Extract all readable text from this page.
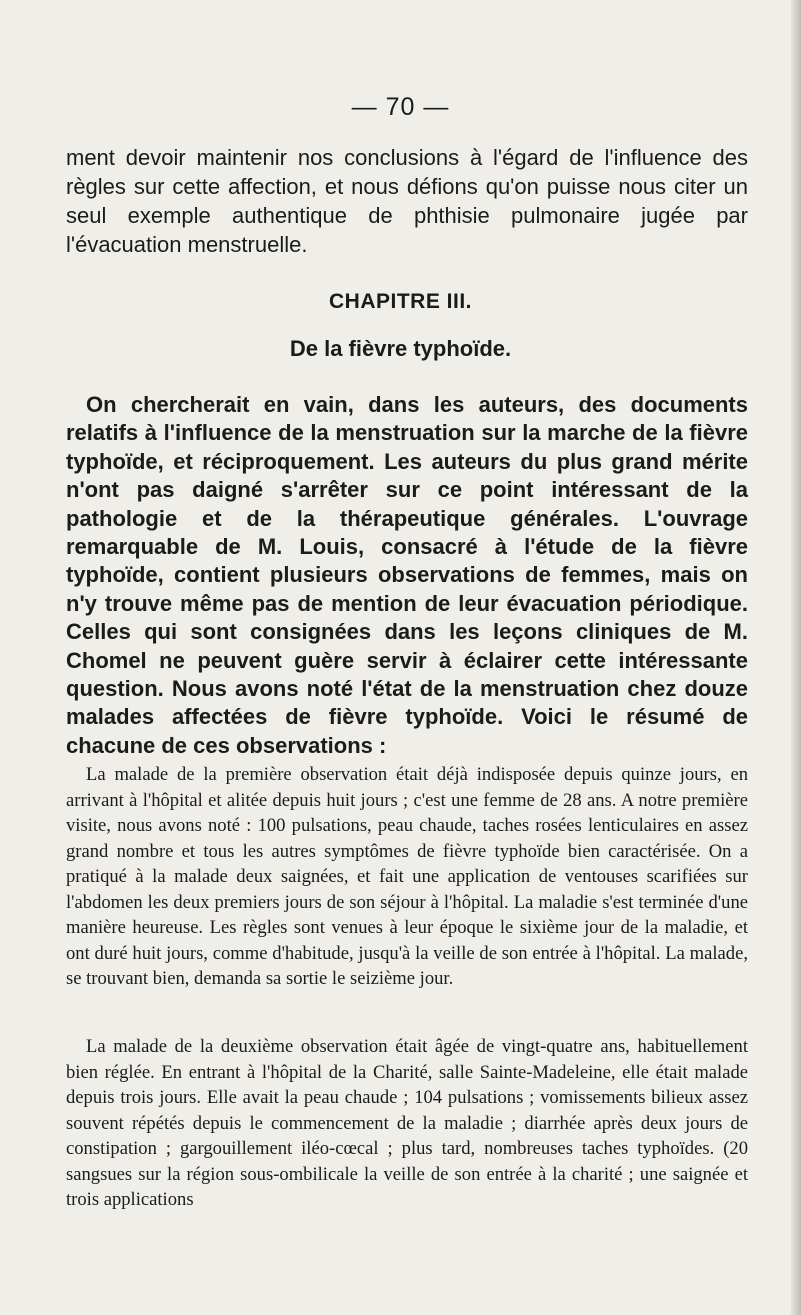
— 70 —

ment devoir maintenir nos conclusions à l'égard de l'influence des règles sur cette affection, et nous défions qu'on puisse nous citer un seul exemple authentique de phthisie pulmonaire jugée par l'évacuation menstruelle.

CHAPITRE III.
De la fièvre typhoïde.

On chercherait en vain, dans les auteurs, des documents relatifs à l'influence de la menstruation sur la marche de la fièvre typhoïde, et réciproquement. Les auteurs du plus grand mérite n'ont pas daigné s'arrêter sur ce point intéressant de la pathologie et de la thérapeutique générales. L'ouvrage remarquable de M. Louis, consacré à l'étude de la fièvre typhoïde, contient plusieurs observations de femmes, mais on n'y trouve même pas de mention de leur évacuation périodique. Celles qui sont consignées dans les leçons cliniques de M. Chomel ne peuvent guère servir à éclairer cette intéressante question. Nous avons noté l'état de la menstruation chez douze malades affectées de fièvre typhoïde. Voici le résumé de chacune de ces observations :

La malade de la première observation était déjà indisposée depuis quinze jours, en arrivant à l'hôpital et alitée depuis huit jours ; c'est une femme de 28 ans. A notre première visite, nous avons noté : 100 pulsations, peau chaude, taches rosées lenticulaires en assez grand nombre et tous les autres symptômes de fièvre typhoïde bien caractérisée. On a pratiqué à la malade deux saignées, et fait une application de ventouses scarifiées sur l'abdomen les deux premiers jours de son séjour à l'hôpital. La maladie s'est terminée d'une manière heureuse. Les règles sont venues à leur époque le sixième jour de la maladie, et ont duré huit jours, comme d'habitude, jusqu'à la veille de son entrée à l'hôpital. La malade, se trouvant bien, demanda sa sortie le seizième jour.

La malade de la deuxième observation était âgée de vingt-quatre ans, habituellement bien réglée. En entrant à l'hôpital de la Charité, salle Sainte-Madeleine, elle était malade depuis trois jours. Elle avait la peau chaude ; 104 pulsations ; vomissements bilieux assez souvent répétés depuis le commencement de la maladie ; diarrhée après deux jours de constipation ; gargouillement iléo-cœcal ; plus tard, nombreuses taches typhoïdes. (20 sangsues sur la région sous-ombilicale la veille de son entrée à la charité ; une saignée et trois applications
